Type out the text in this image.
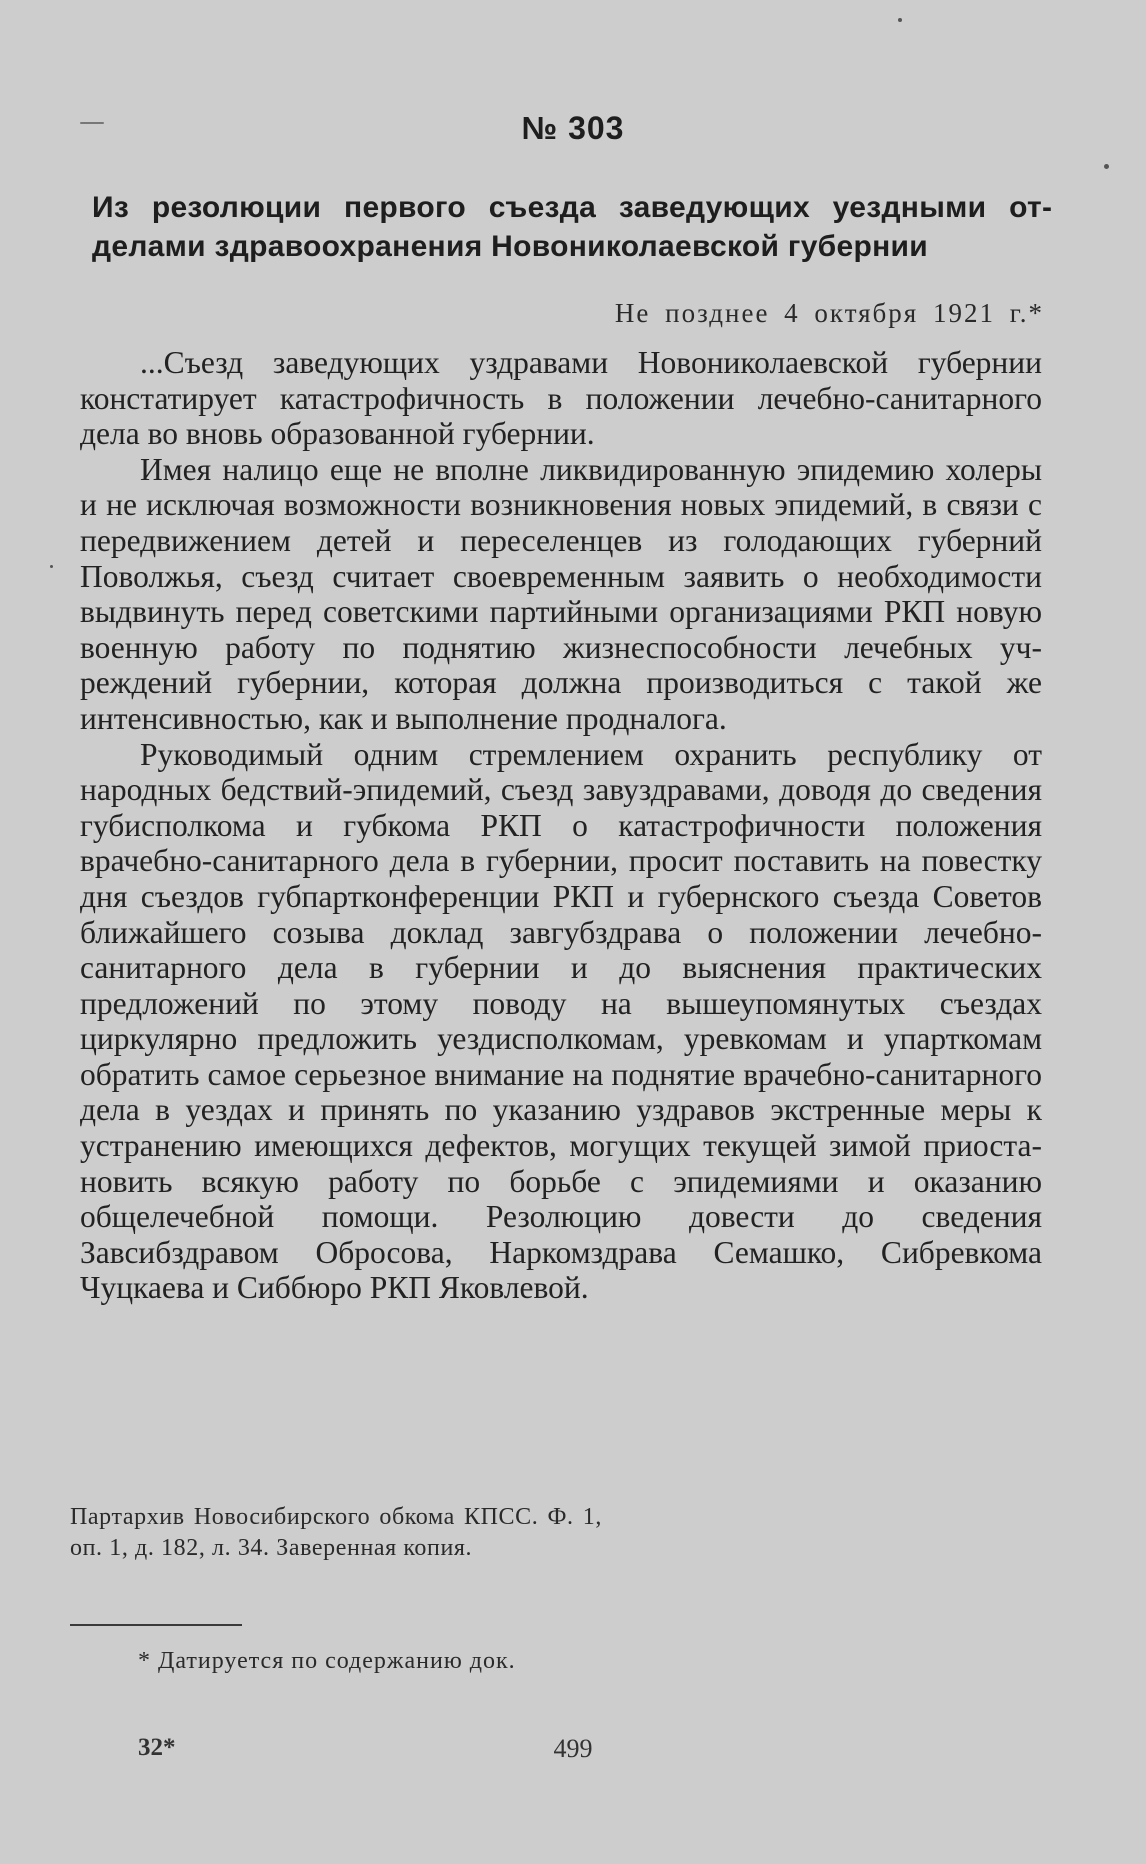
№ 303
Из резолюции первого съезда заведующих уездными отделами здравоохранения Новониколаевской губернии
Не позднее 4 октября 1921 г.*

...Съезд заведующих уздравами Новониколаевской губернии констатирует катастрофичность в положении лечебно-санитарного дела во вновь образованной губернии.

Имея налицо еще не вполне ликвидированную эпидемию холеры и не исключая возможности возникновения новых эпидемий, в связи с передвижением детей и переселенцев из голодающих губерний Поволжья, съезд считает своевременным заявить о необходимости выдвинуть перед советскими партийными организациями РКП новую военную работу по поднятию жизнеспособности лечебных учреждений губернии, которая должна производиться с такой же интенсивностью, как и выполнение продналога.

Руководимый одним стремлением охранить республику от народных бедствий-эпидемий, съезд завуздравами, доводя до сведения губисполкома и губкома РКП о катастрофичности положения врачебно-санитарного дела в губернии, просит поставить на повестку дня съездов губпартконференции РКП и губернского съезда Советов ближайшего созыва доклад завгубздрава о положении лечебно-санитарного дела в губернии и до выяснения практических предложений по этому поводу на вышеупомянутых съездах циркулярно предложить уездисполкомам, уревкомам и упарткомам обратить самое серьезное внимание на поднятие врачебно-санитарного дела в уездах и принять по указанию уздравов экстренные меры к устранению имеющихся дефектов, могущих текущей зимой приостановить всякую работу по борьбе с эпидемиями и оказанию общелечебной помощи. Резолюцию довести до сведения Завсибздравом Обросова, Наркомздрава Семашко, Сибревкома Чуцкаева и Сиббюро РКП Яковлевой.

Партархив Новосибирского обкома КПСС. Ф. 1, оп. 1, д. 182, л. 34. Заверенная копия.
* Датируется по содержанию док.
32*	499
